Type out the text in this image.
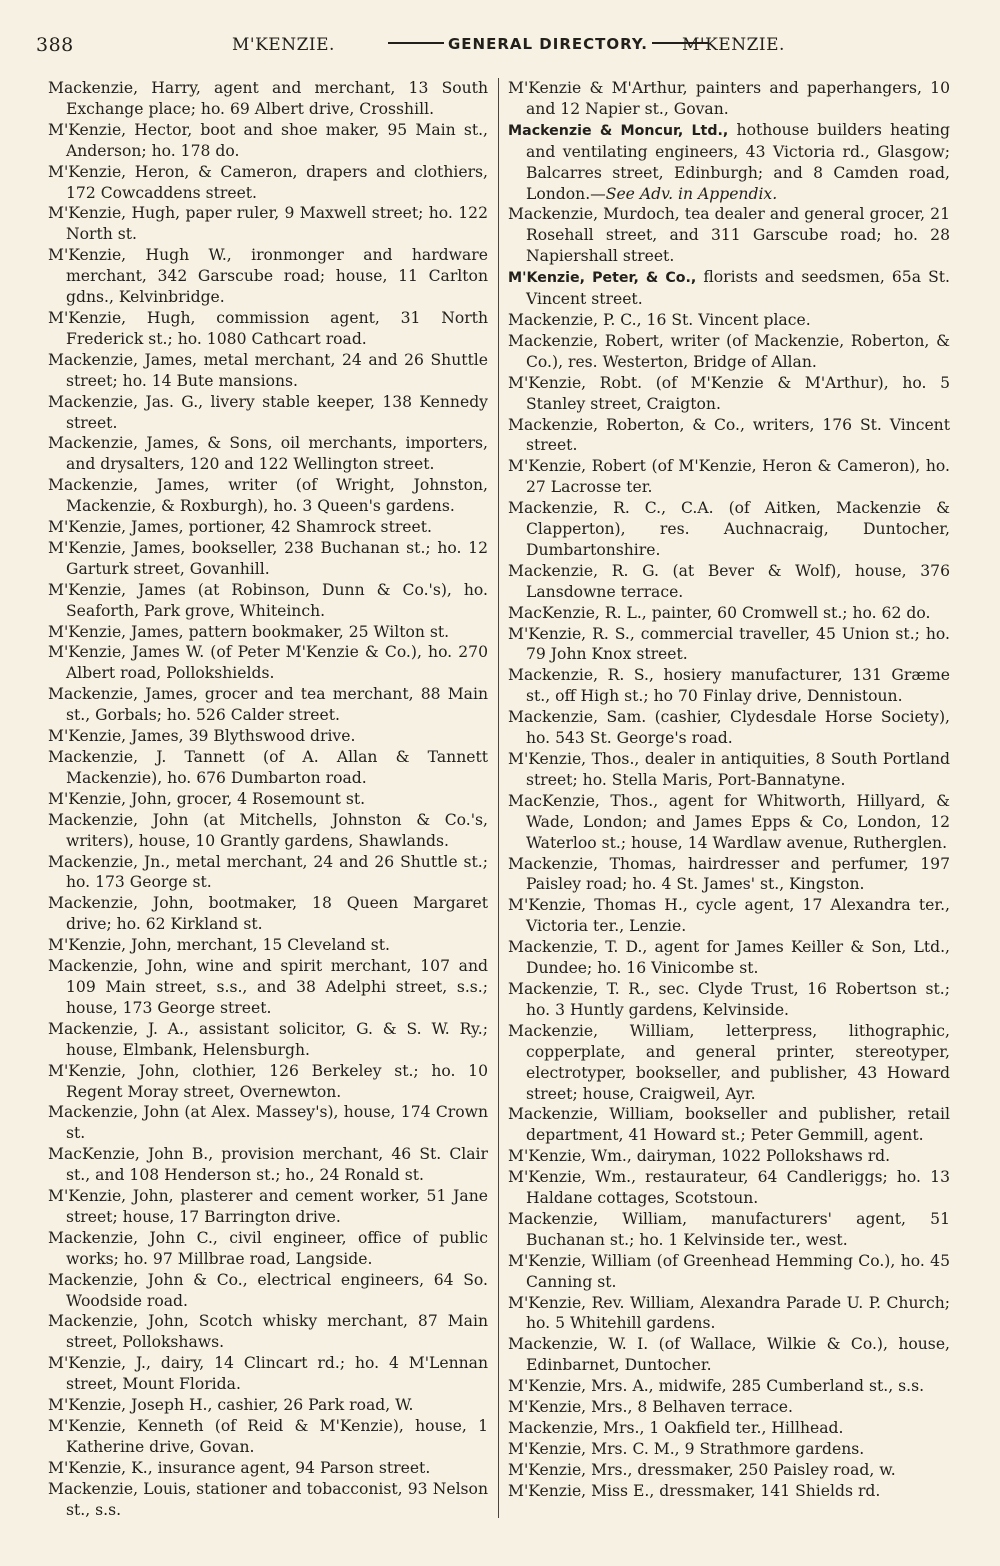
388	M'KENZIE.	GENERAL DIRECTORY.	M'KENZIE.

Mackenzie, Harry, agent and merchant, 13 South Exchange place; ho. 69 Albert drive, Crosshill.

M'Kenzie, Hector, boot and shoe maker, 95 Main st., Anderson; ho. 178 do.

M'Kenzie, Heron, & Cameron, drapers and clothiers, 172 Cowcaddens street.

M'Kenzie, Hugh, paper ruler, 9 Maxwell street; ho. 122 North st.

M'Kenzie, Hugh W., ironmonger and hardware merchant, 342 Garscube road; house, 11 Carlton gdns., Kelvinbridge.

M'Kenzie, Hugh, commission agent, 31 North Frederick st.; ho. 1080 Cathcart road.

Mackenzie, James, metal merchant, 24 and 26 Shuttle street; ho. 14 Bute mansions.

Mackenzie, Jas. G., livery stable keeper, 138 Kennedy street.

Mackenzie, James, & Sons, oil merchants, importers, and drysalters, 120 and 122 Wellington street.

Mackenzie, James, writer (of Wright, Johnston, Mackenzie, & Roxburgh), ho. 3 Queen's gardens.

M'Kenzie, James, portioner, 42 Shamrock street.

M'Kenzie, James, bookseller, 238 Buchanan st.; ho. 12 Garturk street, Govanhill.

M'Kenzie, James (at Robinson, Dunn & Co.'s), ho. Seaforth, Park grove, Whiteinch.

M'Kenzie, James, pattern bookmaker, 25 Wilton st.

M'Kenzie, James W. (of Peter M'Kenzie & Co.), ho. 270 Albert road, Pollokshields.

Mackenzie, James, grocer and tea merchant, 88 Main st., Gorbals; ho. 526 Calder street.

M'Kenzie, James, 39 Blythswood drive.

Mackenzie, J. Tannett (of A. Allan & Tannett Mackenzie), ho. 676 Dumbarton road.

M'Kenzie, John, grocer, 4 Rosemount st.

Mackenzie, John (at Mitchells, Johnston & Co.'s, writers), house, 10 Grantly gardens, Shawlands.

Mackenzie, Jn., metal merchant, 24 and 26 Shuttle st.; ho. 173 George st.

Mackenzie, John, bootmaker, 18 Queen Margaret drive; ho. 62 Kirkland st.

M'Kenzie, John, merchant, 15 Cleveland st.

Mackenzie, John, wine and spirit merchant, 107 and 109 Main street, s.s., and 38 Adelphi street, s.s.; house, 173 George street.

Mackenzie, J. A., assistant solicitor, G. & S. W. Ry.; house, Elmbank, Helensburgh.

M'Kenzie, John, clothier, 126 Berkeley st.; ho. 10 Regent Moray street, Overnewton.

Mackenzie, John (at Alex. Massey's), house, 174 Crown st.

MacKenzie, John B., provision merchant, 46 St. Clair st., and 108 Henderson st.; ho., 24 Ronald st.

M'Kenzie, John, plasterer and cement worker, 51 Jane street; house, 17 Barrington drive.

Mackenzie, John C., civil engineer, office of public works; ho. 97 Millbrae road, Langside.

Mackenzie, John & Co., electrical engineers, 64 So. Woodside road.

Mackenzie, John, Scotch whisky merchant, 87 Main street, Pollokshaws.

M'Kenzie, J., dairy, 14 Clincart rd.; ho. 4 M'Lennan street, Mount Florida.

M'Kenzie, Joseph H., cashier, 26 Park road, W.

M'Kenzie, Kenneth (of Reid & M'Kenzie), house, 1 Katherine drive, Govan.

M'Kenzie, K., insurance agent, 94 Parson street.

Mackenzie, Louis, stationer and tobacconist, 93 Nelson st., s.s.

M'Kenzie & M'Arthur, painters and paperhangers, 10 and 12 Napier st., Govan.

Mackenzie & Moncur, Ltd., hothouse builders heating and ventilating engineers, 43 Victoria rd., Glasgow; Balcarres street, Edinburgh; and 8 Camden road, London.—See Adv. in Appendix.

Mackenzie, Murdoch, tea dealer and general grocer, 21 Rosehall street, and 311 Garscube road; ho. 28 Napiershall street.

M'Kenzie, Peter, & Co., florists and seedsmen, 65a St. Vincent street.

Mackenzie, P. C., 16 St. Vincent place.

Mackenzie, Robert, writer (of Mackenzie, Roberton, & Co.), res. Westerton, Bridge of Allan.

M'Kenzie, Robt. (of M'Kenzie & M'Arthur), ho. 5 Stanley street, Craigton.

Mackenzie, Roberton, & Co., writers, 176 St. Vincent street.

M'Kenzie, Robert (of M'Kenzie, Heron & Cameron), ho. 27 Lacrosse ter.

Mackenzie, R. C., C.A. (of Aitken, Mackenzie & Clapperton), res. Auchnacraig, Duntocher, Dumbartonshire.

Mackenzie, R. G. (at Bever & Wolf), house, 376 Lansdowne terrace.

MacKenzie, R. L., painter, 60 Cromwell st.; ho. 62 do.

M'Kenzie, R. S., commercial traveller, 45 Union st.; ho. 79 John Knox street.

Mackenzie, R. S., hosiery manufacturer, 131 Græme st., off High st.; ho 70 Finlay drive, Dennistoun.

Mackenzie, Sam. (cashier, Clydesdale Horse Society), ho. 543 St. George's road.

M'Kenzie, Thos., dealer in antiquities, 8 South Portland street; ho. Stella Maris, Port-Bannatyne.

MacKenzie, Thos., agent for Whitworth, Hillyard, & Wade, London; and James Epps & Co, London, 12 Waterloo st.; house, 14 Wardlaw avenue, Rutherglen.

Mackenzie, Thomas, hairdresser and perfumer, 197 Paisley road; ho. 4 St. James' st., Kingston.

M'Kenzie, Thomas H., cycle agent, 17 Alexandra ter., Victoria ter., Lenzie.

Mackenzie, T. D., agent for James Keiller & Son, Ltd., Dundee; ho. 16 Vinicombe st.

Mackenzie, T. R., sec. Clyde Trust, 16 Robertson st.; ho. 3 Huntly gardens, Kelvinside.

Mackenzie, William, letterpress, lithographic, copperplate, and general printer, stereotyper, electrotyper, bookseller, and publisher, 43 Howard street; house, Craigweil, Ayr.

Mackenzie, William, bookseller and publisher, retail department, 41 Howard st.; Peter Gemmill, agent.

M'Kenzie, Wm., dairyman, 1022 Pollokshaws rd.

M'Kenzie, Wm., restaurateur, 64 Candleriggs; ho. 13 Haldane cottages, Scotstoun.

Mackenzie, William, manufacturers' agent, 51 Buchanan st.; ho. 1 Kelvinside ter., west.

M'Kenzie, William (of Greenhead Hemming Co.), ho. 45 Canning st.

M'Kenzie, Rev. William, Alexandra Parade U. P. Church; ho. 5 Whitehill gardens.

Mackenzie, W. I. (of Wallace, Wilkie & Co.), house, Edinbarnet, Duntocher.

M'Kenzie, Mrs. A., midwife, 285 Cumberland st., s.s.

M'Kenzie, Mrs., 8 Belhaven terrace.

Mackenzie, Mrs., 1 Oakfield ter., Hillhead.

M'Kenzie, Mrs. C. M., 9 Strathmore gardens.

M'Kenzie, Mrs., dressmaker, 250 Paisley road, w.

M'Kenzie, Miss E., dressmaker, 141 Shields rd.
